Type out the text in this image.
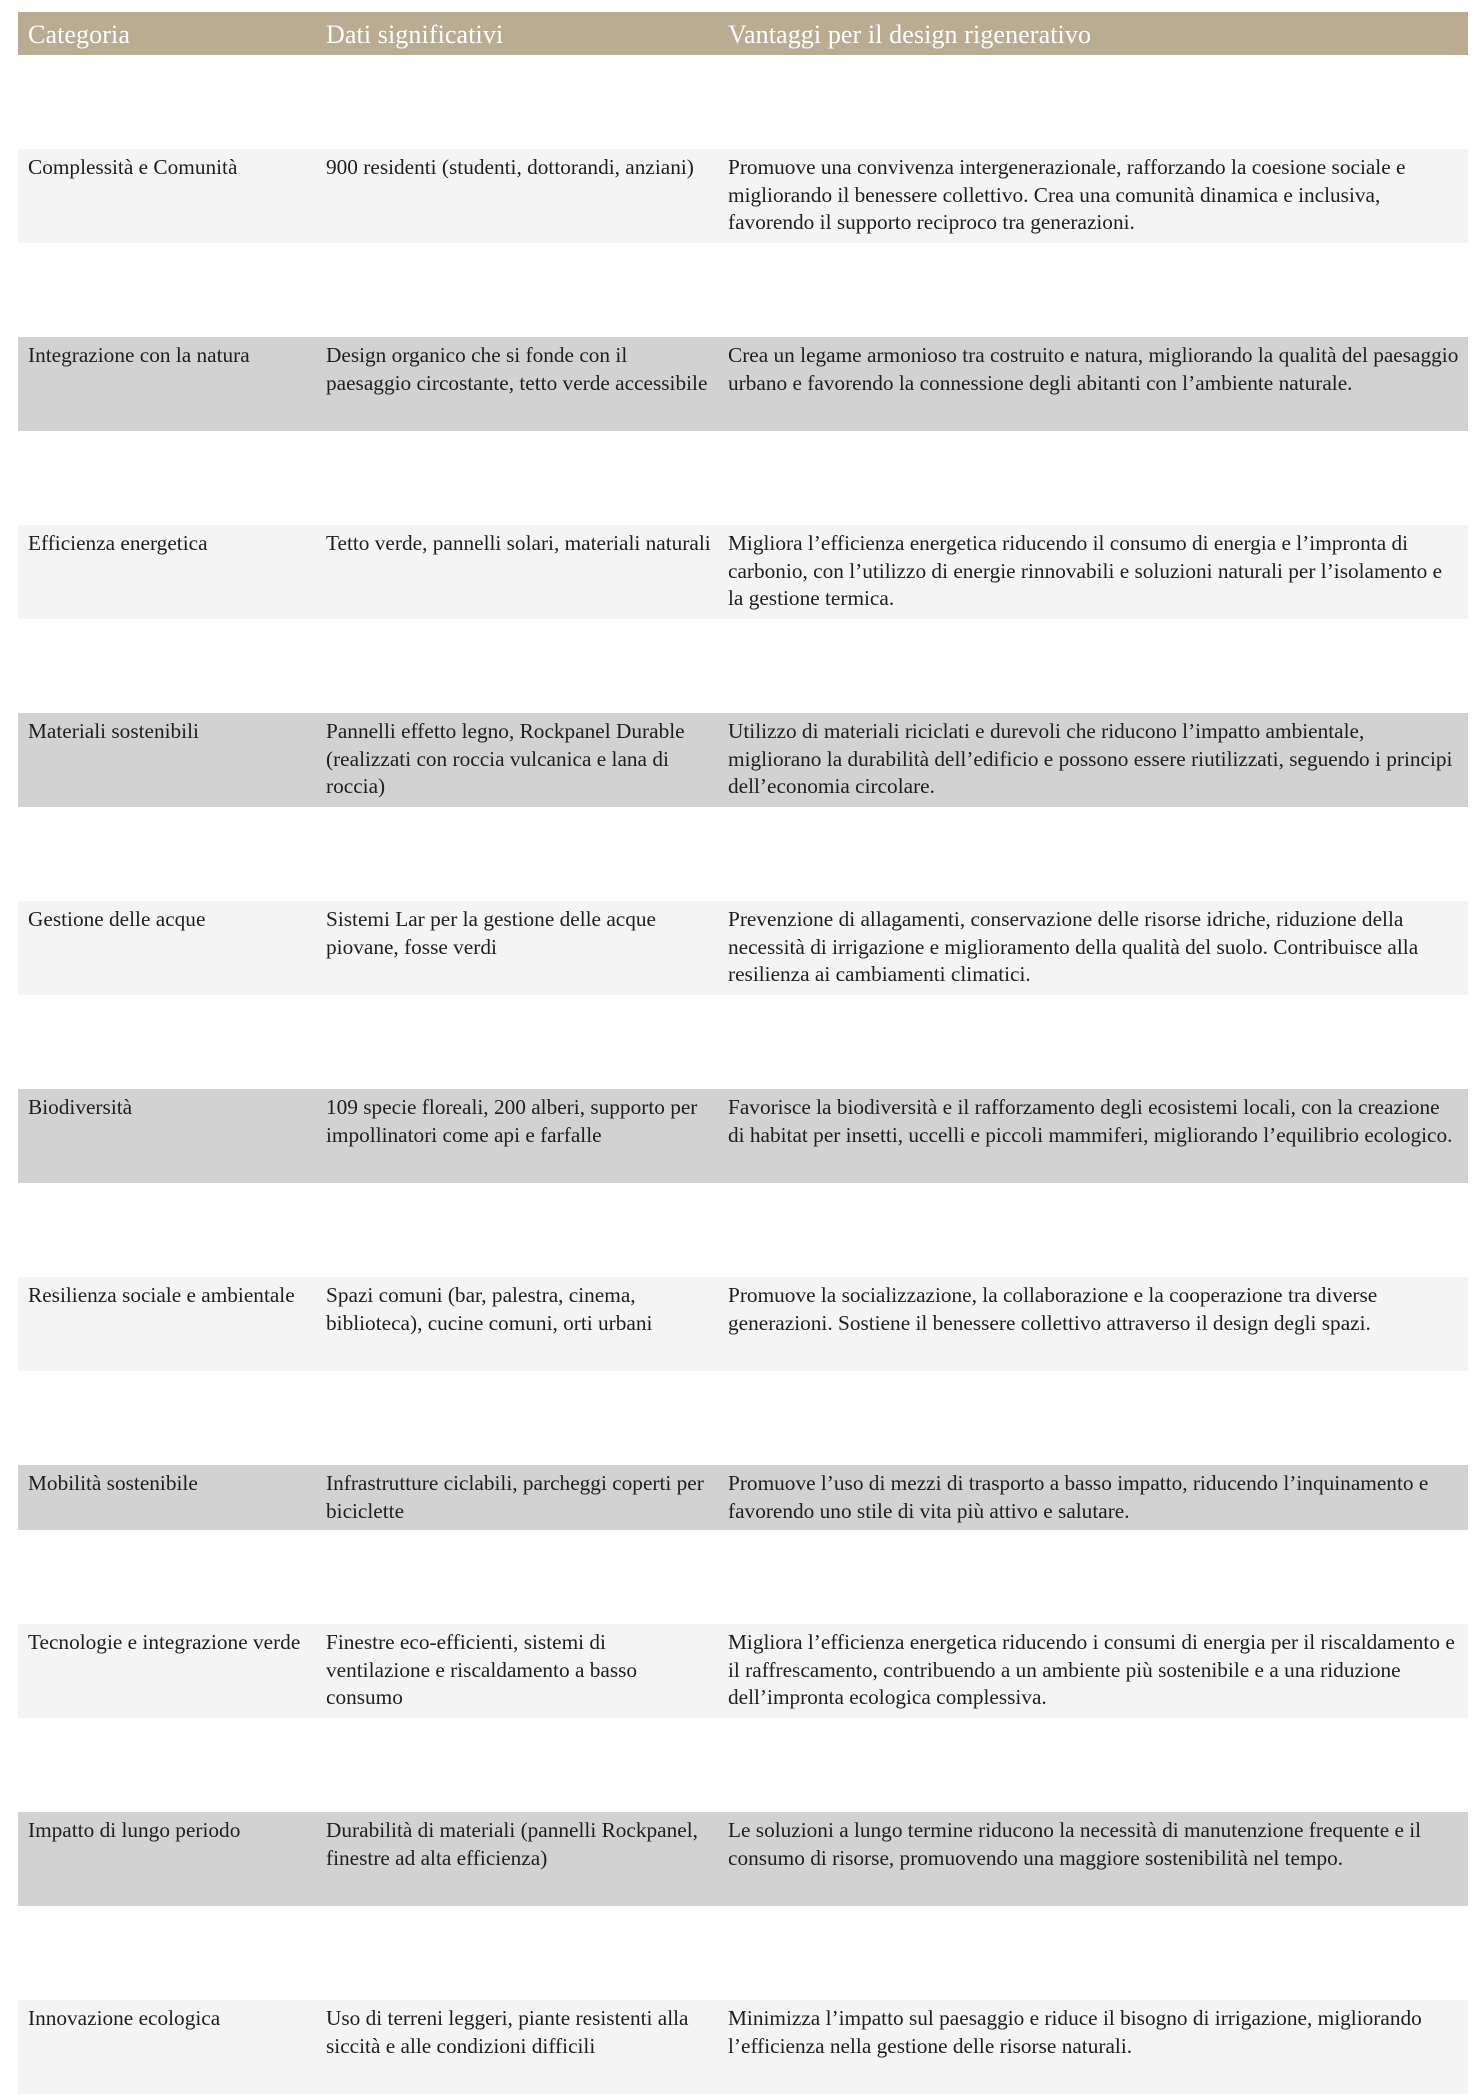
Categoria	Dati significativi	Vantaggi per il design rigenerativo

Complessità e Comunità	900 residenti (studenti, dottorandi, anziani)	Promuove una convivenza intergenerazionale, rafforzando la coesione sociale e migliorando il benessere collettivo. Crea una comunità dinamica e inclusiva, favorendo il supporto reciproco tra generazioni.

Integrazione con la natura	Design organico che si fonde con il paesaggio circostante, tetto verde accessibile	Crea un legame armonioso tra costruito e natura, migliorando la qualità del paesaggio urbano e favorendo la connessione degli abitanti con l’ambiente naturale.

Efficienza energetica	Tetto verde, pannelli solari, materiali naturali	Migliora l’efficienza energetica riducendo il consumo di energia e l’impronta di carbonio, con l’utilizzo di energie rinnovabili e soluzioni naturali per l’isolamento e la gestione termica.

Materiali sostenibili	Pannelli effetto legno, Rockpanel Durable (realizzati con roccia vulcanica e lana di roccia)	Utilizzo di materiali riciclati e durevoli che riducono l’impatto ambientale, migliorano la durabilità dell’edificio e possono essere riutilizzati, seguendo i principi dell’economia circolare.

Gestione delle acque	Sistemi Lar per la gestione delle acque piovane, fosse verdi	Prevenzione di allagamenti, conservazione delle risorse idriche, riduzione della necessità di irrigazione e miglioramento della qualità del suolo. Contribuisce alla resilienza ai cambiamenti climatici.

Biodiversità	109 specie floreali, 200 alberi, supporto per impollinatori come api e farfalle	Favorisce la biodiversità e il rafforzamento degli ecosistemi locali, con la creazione di habitat per insetti, uccelli e piccoli mammiferi, migliorando l’equilibrio ecologico.

Resilienza sociale e ambientale	Spazi comuni (bar, palestra, cinema, biblioteca), cucine comuni, orti urbani	Promuove la socializzazione, la collaborazione e la cooperazione tra diverse generazioni. Sostiene il benessere collettivo attraverso il design degli spazi.

Mobilità sostenibile	Infrastrutture ciclabili, parcheggi coperti per biciclette	Promuove l’uso di mezzi di trasporto a basso impatto, riducendo l’inquinamento e favorendo uno stile di vita più attivo e salutare.

Tecnologie e integrazione verde	Finestre eco-efficienti, sistemi di ventilazione e riscaldamento a basso consumo	Migliora l’efficienza energetica riducendo i consumi di energia per il riscaldamento e il raffrescamento, contribuendo a un ambiente più sostenibile e a una riduzione dell’impronta ecologica complessiva.

Impatto di lungo periodo	Durabilità di materiali (pannelli Rockpanel, finestre ad alta efficienza)	Le soluzioni a lungo termine riducono la necessità di manutenzione frequente e il consumo di risorse, promuovendo una maggiore sostenibilità nel tempo.

Innovazione ecologica	Uso di terreni leggeri, piante resistenti alla siccità e alle condizioni difficili	Minimizza l’impatto sul paesaggio e riduce il bisogno di irrigazione, migliorando l’efficienza nella gestione delle risorse naturali.
